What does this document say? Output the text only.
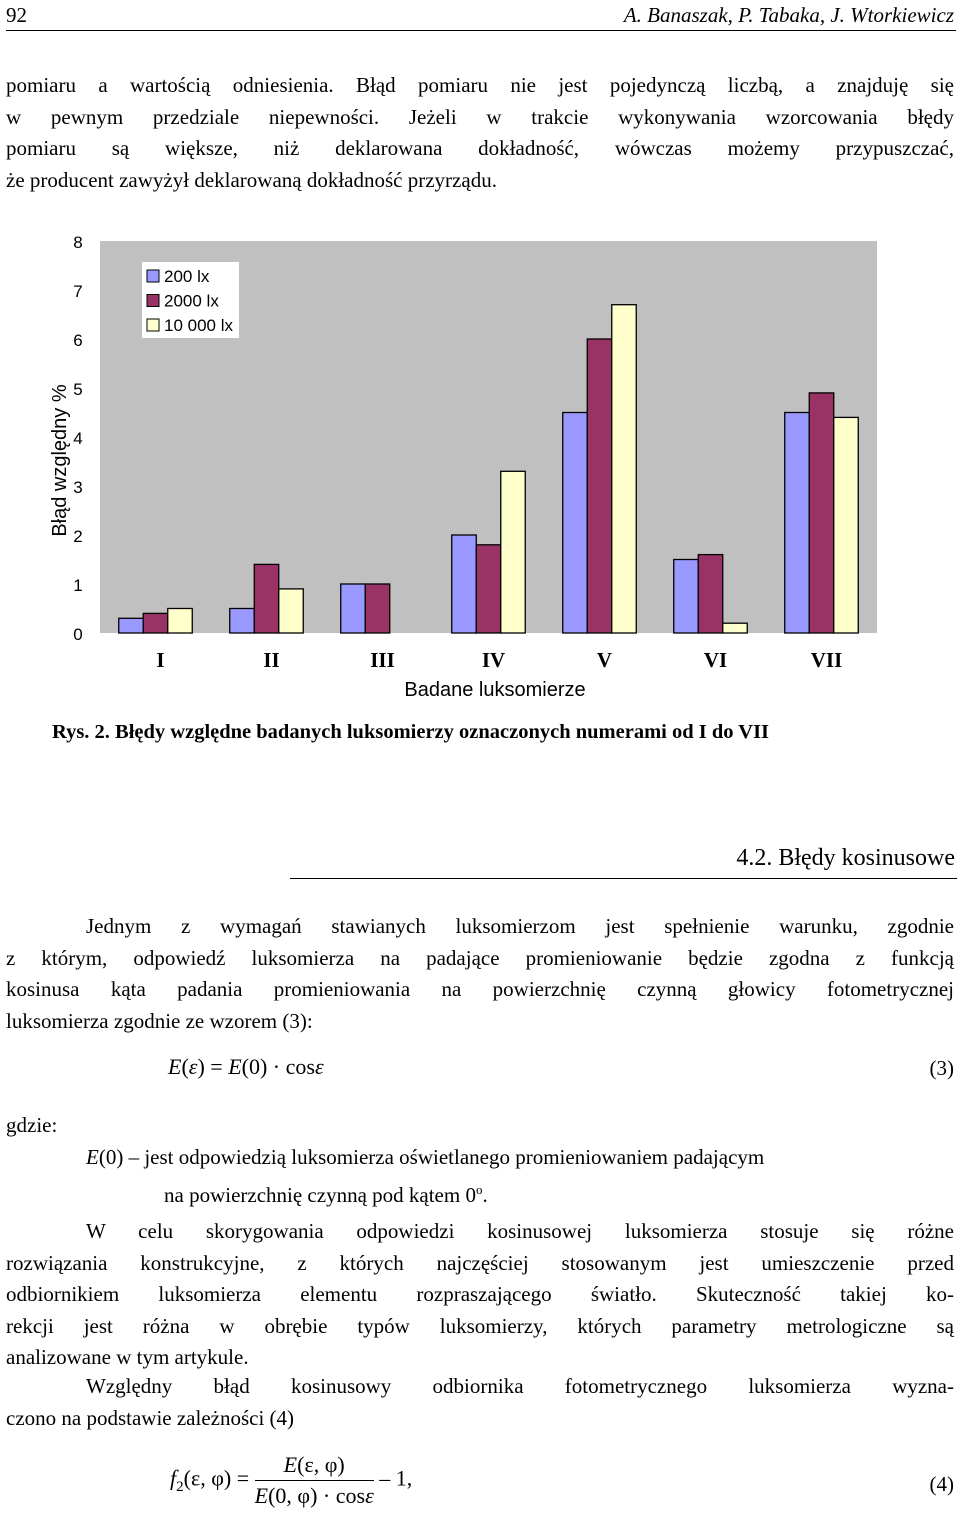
92	A. Banaszak, P. Tabaka, J. Wtorkiewicz
pomiaru a wartością odniesienia. Błąd pomiaru nie jest pojedynczą liczbą, a znajduję się
w pewnym przedziale niepewności. Jeżeli w trakcie wykonywania wzorcowania błędy
pomiaru są większe, niż deklarowana dokładność, wówczas możemy przypuszczać,
że producent zawyżył deklarowaną dokładność przyrządu.
0
1
2
3
4
5
6
7
8
I	II	III	IV	V	VI	VII
Błąd względny %
Badane luksomierze
200 lx
2000 lx
10 000 lx
Rys. 2. Błędy względne badanych luksomierzy oznaczonych numerami od I do VII
4.2. Błędy kosinusowe
Jednym z wymagań stawianych luksomierzom jest spełnienie warunku, zgodnie
z którym, odpowiedź luksomierza na padające promieniowanie będzie zgodna z funkcją
kosinusa kąta padania promieniowania na powierzchnię czynną głowicy fotometrycznej
luksomierza zgodnie ze wzorem (3):
E(ε) = E(0) · cosε	(3)
gdzie:
E(0) – jest odpowiedzią luksomierza oświetlanego promieniowaniem padającym
na powierzchnię czynną pod kątem 0$^o$.
W celu skorygowania odpowiedzi kosinusowej luksomierza stosuje się różne
rozwiązania konstrukcyjne, z których najczęściej stosowanym jest umieszczenie przed
odbiornikiem luksomierza elementu rozpraszającego światło. Skuteczność takiej ko-
rekcji jest różna w obrębie typów luksomierzy, których parametry metrologiczne są
analizowane w tym artykule.
Względny błąd kosinusowy odbiornika fotometrycznego luksomierza wyzna-
czono na podstawie zależności (4)
$f_2(\varepsilon$, $\varphi) = \frac{E(\varepsilon, \varphi)}{E(0, \varphi) \cdot \cos\varepsilon} - 1$,	(4)
